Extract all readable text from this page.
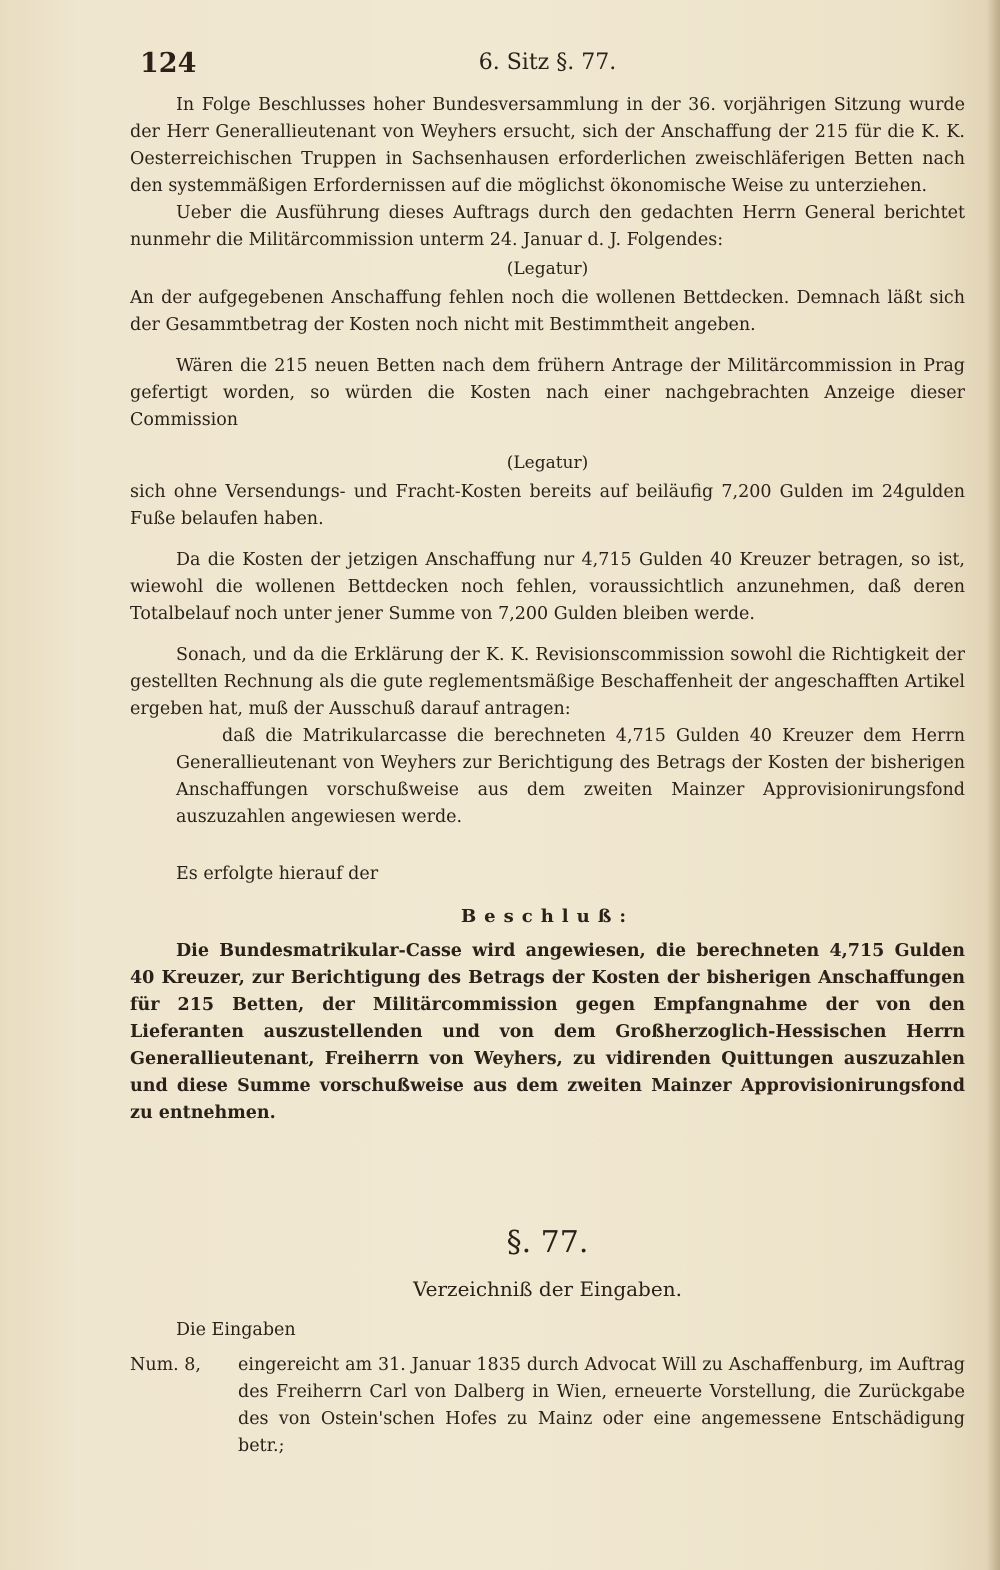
124	6. Sitz §. 77.

In Folge Beschlusses hoher Bundesversammlung in der 36. vorjährigen Sitzung wurde der Herr Generallieutenant von Weyhers ersucht, sich der Anschaffung der 215 für die K. K. Oesterreichischen Truppen in Sachsenhausen erforderlichen zweischläferigen Betten nach den systemmäßigen Erfordernissen auf die möglichst ökonomische Weise zu unterziehen.

Ueber die Ausführung dieses Auftrags durch den gedachten Herrn General berichtet nunmehr die Militärcommission unterm 24. Januar d. J. Folgendes:

(Legatur)

An der aufgegebenen Anschaffung fehlen noch die wollenen Bettdecken. Demnach läßt sich der Gesammtbetrag der Kosten noch nicht mit Bestimmtheit angeben.

Wären die 215 neuen Betten nach dem frühern Antrage der Militärcommission in Prag gefertigt worden, so würden die Kosten nach einer nachgebrachten Anzeige dieser Commission

(Legatur)

sich ohne Versendungs- und Fracht-Kosten bereits auf beiläufig 7,200 Gulden im 24gulden Fuße belaufen haben.

Da die Kosten der jetzigen Anschaffung nur 4,715 Gulden 40 Kreuzer betragen, so ist, wiewohl die wollenen Bettdecken noch fehlen, voraussichtlich anzunehmen, daß deren Totalbelauf noch unter jener Summe von 7,200 Gulden bleiben werde.

Sonach, und da die Erklärung der K. K. Revisionscommission sowohl die Richtigkeit der gestellten Rechnung als die gute reglementsmäßige Beschaffenheit der angeschafften Artikel ergeben hat, muß der Ausschuß darauf antragen:

daß die Matrikularcasse die berechneten 4,715 Gulden 40 Kreuzer dem Herrn Generallieutenant von Weyhers zur Berichtigung des Betrags der Kosten der bisherigen Anschaffungen vorschußweise aus dem zweiten Mainzer Approvisionirungsfond auszuzahlen angewiesen werde.

Es erfolgte hierauf der

Beschluß:

Die Bundesmatrikular-Casse wird angewiesen, die berechneten 4,715 Gulden 40 Kreuzer, zur Berichtigung des Betrags der Kosten der bisherigen Anschaffungen für 215 Betten, der Militärcommission gegen Empfangnahme der von den Lieferanten auszustellenden und von dem Großherzoglich-Hessischen Herrn Generallieutenant, Freiherrn von Weyhers, zu vidirenden Quittungen auszuzahlen und diese Summe vorschußweise aus dem zweiten Mainzer Approvisionirungsfond zu entnehmen.

§. 77.
Verzeichniß der Eingaben.

Die Eingaben

Num. 8,	eingereicht am 31. Januar 1835 durch Advocat Will zu Aschaffenburg, im Auftrag des Freiherrn Carl von Dalberg in Wien, erneuerte Vorstellung, die Zurückgabe des von Ostein'schen Hofes zu Mainz oder eine angemessene Entschädigung betr.;
